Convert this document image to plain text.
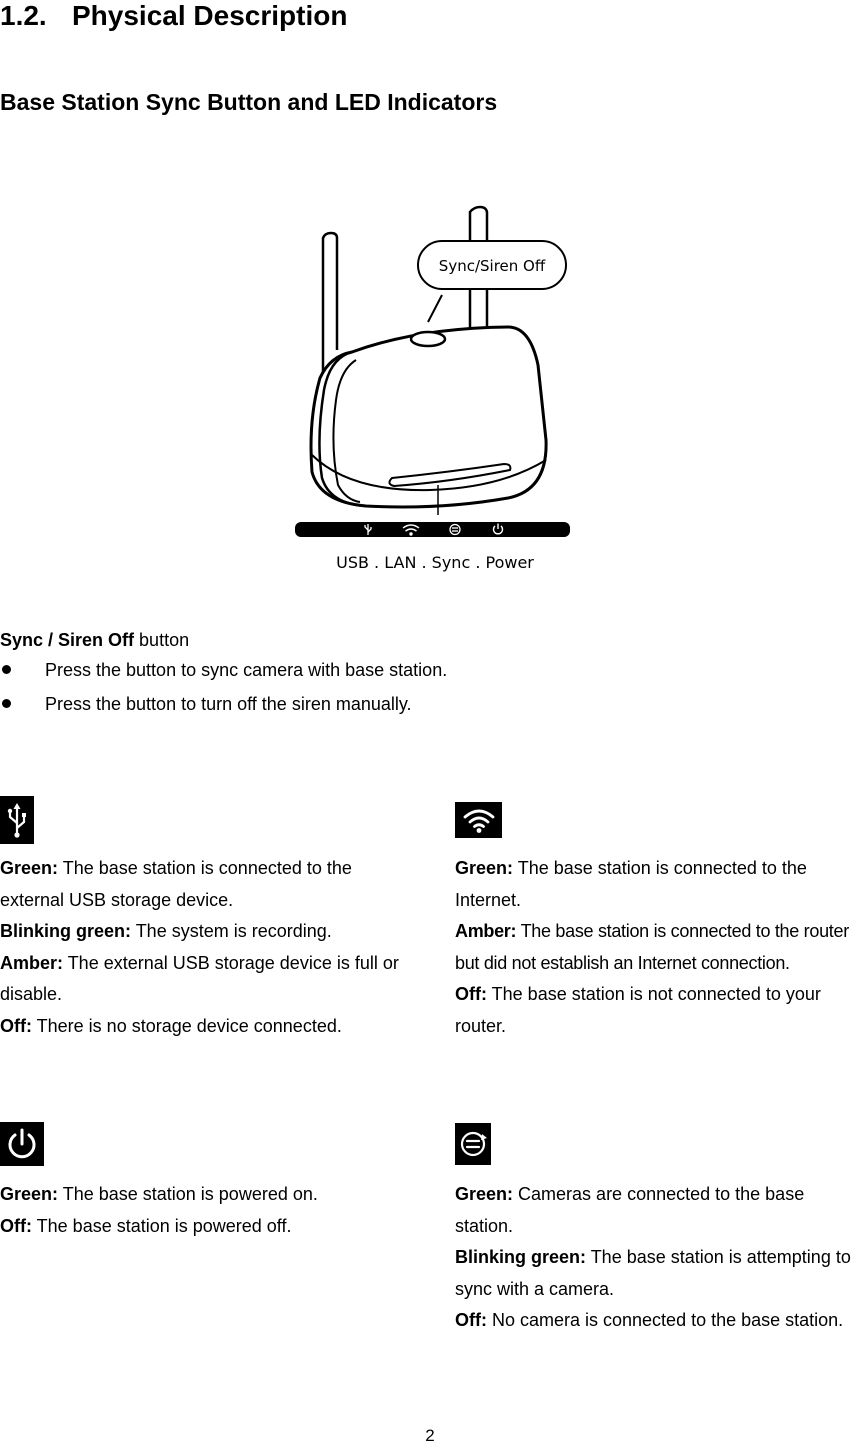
1.2. Physical Description
Base Station Sync Button and LED Indicators
Sync/Siren Off
USB . LAN . Sync . Power
Sync / Siren Off button
Press the button to sync camera with base station.
Press the button to turn off the siren manually.

Green: The base station is connected to the external USB storage device.

Blinking green: The system is recording.

Amber: The external USB storage device is full or disable.

Off: There is no storage device connected.

Green: The base station is connected to the Internet.

Amber: The base station is connected to the router but did not establish an Internet connection.

Off: The base station is not connected to your router.

Green: The base station is powered on.

Off: The base station is powered off.

Green: Cameras are connected to the base station.

Blinking green: The base station is attempting to sync with a camera.

Off: No camera is connected to the base station.

2
